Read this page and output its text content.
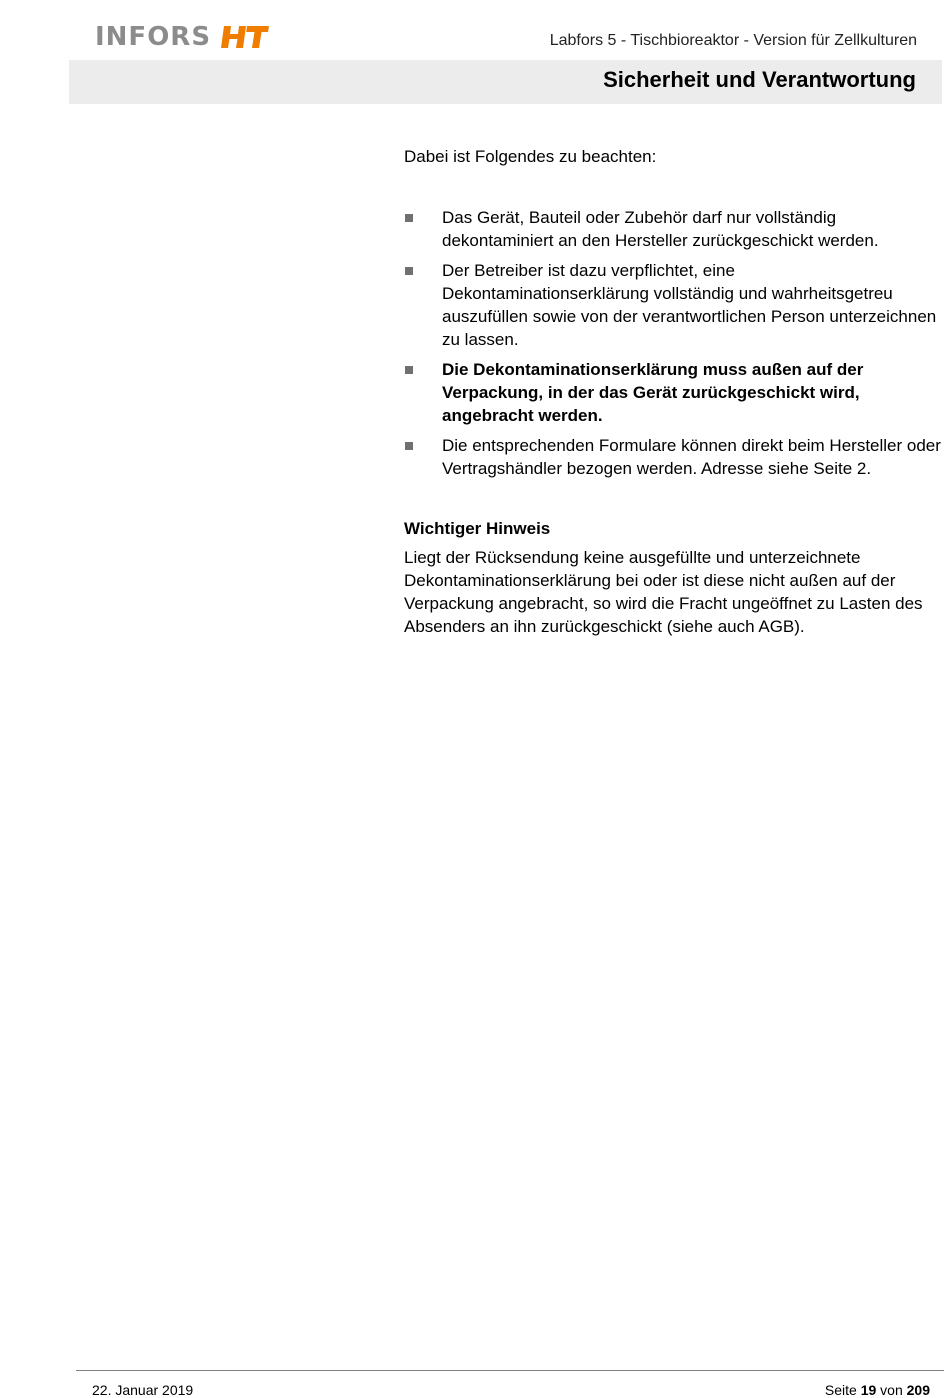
INFORS	Labfors 5 - Tischbioreaktor - Version für Zellkulturen
Sicherheit und Verantwortung

Dabei ist Folgendes zu beachten:

Das Gerät, Bauteil oder Zubehör darf nur vollständig dekontaminiert an den Hersteller zurückgeschickt werden.
Der Betreiber ist dazu verpflichtet, eine Dekontaminationserklärung vollständig und wahrheitsgetreu auszufüllen sowie von der verantwortlichen Person unterzeichnen zu lassen.
Die Dekontaminationserklärung muss außen auf der Verpackung, in der das Gerät zurückgeschickt wird, angebracht werden.
Die entsprechenden Formulare können direkt beim Hersteller oder Vertragshändler bezogen werden. Adresse siehe Seite 2.
Wichtiger Hinweis

Liegt der Rücksendung keine ausgefüllte und unterzeichnete Dekontaminationserklärung bei oder ist diese nicht außen auf der Verpackung angebracht, so wird die Fracht ungeöffnet zu Lasten des Absenders an ihn zurückgeschickt (siehe auch AGB).

22. Januar 2019	Seite 19 von 209
